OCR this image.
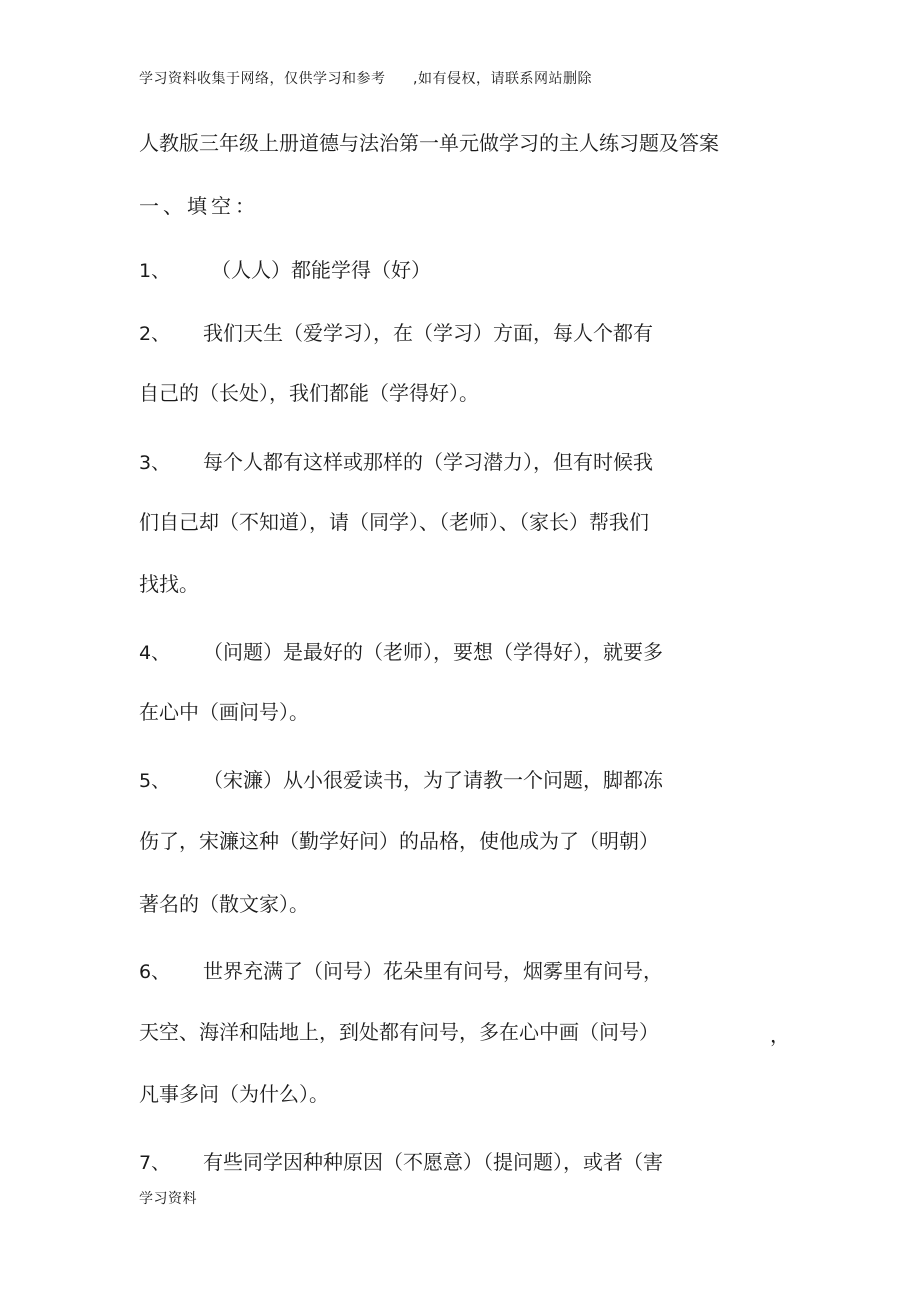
学习资料收集于网络，仅供学习和参考 ,如有侵权，请联系网站删除
人教版三年级上册道德与法治第一单元做学习的主人练习题及答案
一、填空：
1、 （人人）都能学得（好）
2、 我们天生（爱学习），在（学习）方面，每人个都有
自己的（长处），我们都能（学得好）。
3、 每个人都有这样或那样的（学习潜力），但有时候我
们自己却（不知道），请（同学）、（老师）、（家长）帮我们
找找。
4、 （问题）是最好的（老师），要想（学得好），就要多
在心中（画问号）。
5、 （宋濂）从小很爱读书，为了请教一个问题，脚都冻
伤了，宋濂这种（勤学好问）的品格，使他成为了（明朝）
著名的（散文家）。
6、 世界充满了（问号）花朵里有问号，烟雾里有问号，
天空、海洋和陆地上，到处都有问号，多在心中画（问号）	，
凡事多问（为什么）。
7、 有些同学因种种原因（不愿意）（提问题），或者（害
学习资料
